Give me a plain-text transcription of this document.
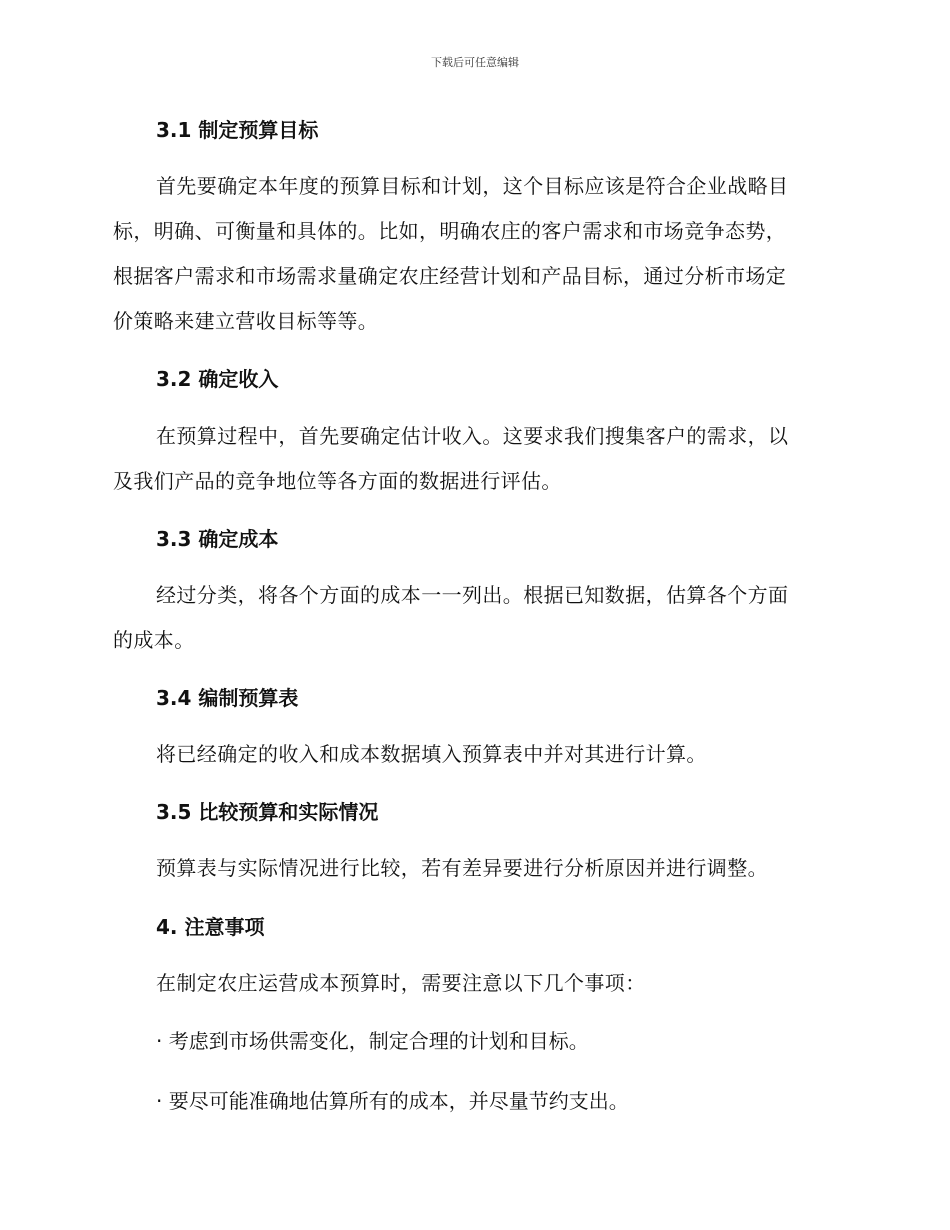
下载后可任意编辑
3.1 制定预算目标
首先要确定本年度的预算目标和计划，这个目标应该是符合企业战略目
标，明确、可衡量和具体的。比如，明确农庄的客户需求和市场竞争态势，
根据客户需求和市场需求量确定农庄经营计划和产品目标，通过分析市场定
价策略来建立营收目标等等。
3.2 确定收入
在预算过程中，首先要确定估计收入。这要求我们搜集客户的需求，以
及我们产品的竞争地位等各方面的数据进行评估。
3.3 确定成本
经过分类，将各个方面的成本一一列出。根据已知数据，估算各个方面
的成本。
3.4 编制预算表
将已经确定的收入和成本数据填入预算表中并对其进行计算。
3.5 比较预算和实际情况
预算表与实际情况进行比较，若有差异要进行分析原因并进行调整。
4. 注意事项
在制定农庄运营成本预算时，需要注意以下几个事项：
· 考虑到市场供需变化，制定合理的计划和目标。
· 要尽可能准确地估算所有的成本，并尽量节约支出。
